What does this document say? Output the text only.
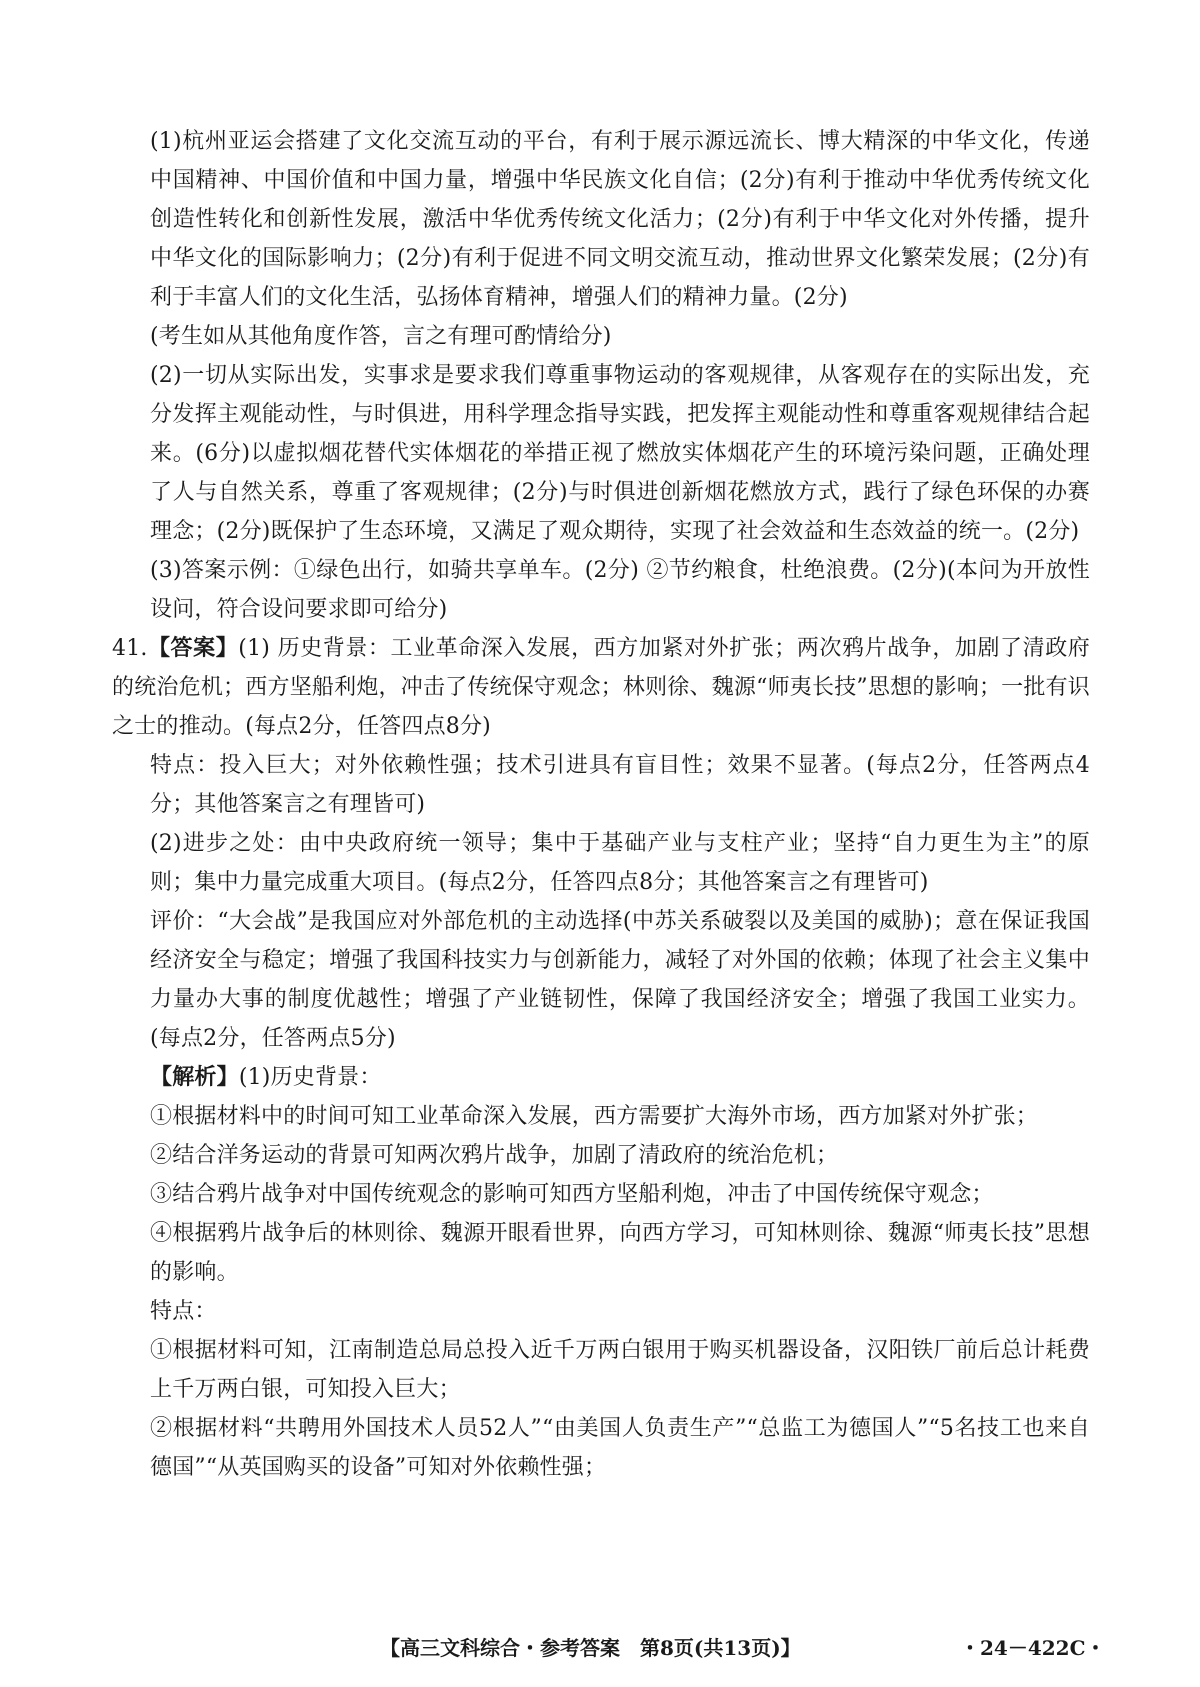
(1)杭州亚运会搭建了文化交流互动的平台，有利于展示源远流长、博大精深的中华文化，传递中国精神、中国价值和中国力量，增强中华民族文化自信；(2分)有利于推动中华优秀传统文化创造性转化和创新性发展，激活中华优秀传统文化活力；(2分)有利于中华文化对外传播，提升中华文化的国际影响力；(2分)有利于促进不同文明交流互动，推动世界文化繁荣发展；(2分)有利于丰富人们的文化生活，弘扬体育精神，增强人们的精神力量。(2分)

(考生如从其他角度作答，言之有理可酌情给分)

(2)一切从实际出发，实事求是要求我们尊重事物运动的客观规律，从客观存在的实际出发，充分发挥主观能动性，与时俱进，用科学理念指导实践，把发挥主观能动性和尊重客观规律结合起来。(6分)以虚拟烟花替代实体烟花的举措正视了燃放实体烟花产生的环境污染问题，正确处理了人与自然关系，尊重了客观规律；(2分)与时俱进创新烟花燃放方式，践行了绿色环保的办赛理念；(2分)既保护了生态环境，又满足了观众期待，实现了社会效益和生态效益的统一。(2分)

(3)答案示例：①绿色出行，如骑共享单车。(2分) ②节约粮食，杜绝浪费。(2分)(本问为开放性设问，符合设问要求即可给分)

41.【答案】(1) 历史背景：工业革命深入发展，西方加紧对外扩张；两次鸦片战争，加剧了清政府的统治危机；西方坚船利炮，冲击了传统保守观念；林则徐、魏源“师夷长技”思想的影响；一批有识之士的推动。(每点2分，任答四点8分)

特点：投入巨大；对外依赖性强；技术引进具有盲目性；效果不显著。(每点2分，任答两点4分；其他答案言之有理皆可)

(2)进步之处：由中央政府统一领导；集中于基础产业与支柱产业；坚持“自力更生为主”的原则；集中力量完成重大项目。(每点2分，任答四点8分；其他答案言之有理皆可)

评价：“大会战”是我国应对外部危机的主动选择(中苏关系破裂以及美国的威胁)；意在保证我国经济安全与稳定；增强了我国科技实力与创新能力，减轻了对外国的依赖；体现了社会主义集中力量办大事的制度优越性；增强了产业链韧性，保障了我国经济安全；增强了我国工业实力。(每点2分，任答两点5分)

【解析】(1)历史背景：

①根据材料中的时间可知工业革命深入发展，西方需要扩大海外市场，西方加紧对外扩张；

②结合洋务运动的背景可知两次鸦片战争，加剧了清政府的统治危机；

③结合鸦片战争对中国传统观念的影响可知西方坚船利炮，冲击了中国传统保守观念；

④根据鸦片战争后的林则徐、魏源开眼看世界，向西方学习，可知林则徐、魏源“师夷长技”思想的影响。

特点：

①根据材料可知，江南制造总局总投入近千万两白银用于购买机器设备，汉阳铁厂前后总计耗费上千万两白银，可知投入巨大；

②根据材料“共聘用外国技术人员52人”“由美国人负责生产”“总监工为德国人”“5名技工也来自德国”“从英国购买的设备”可知对外依赖性强；

【高三文科综合・参考答案　第8页(共13页)】	・24－422C・
